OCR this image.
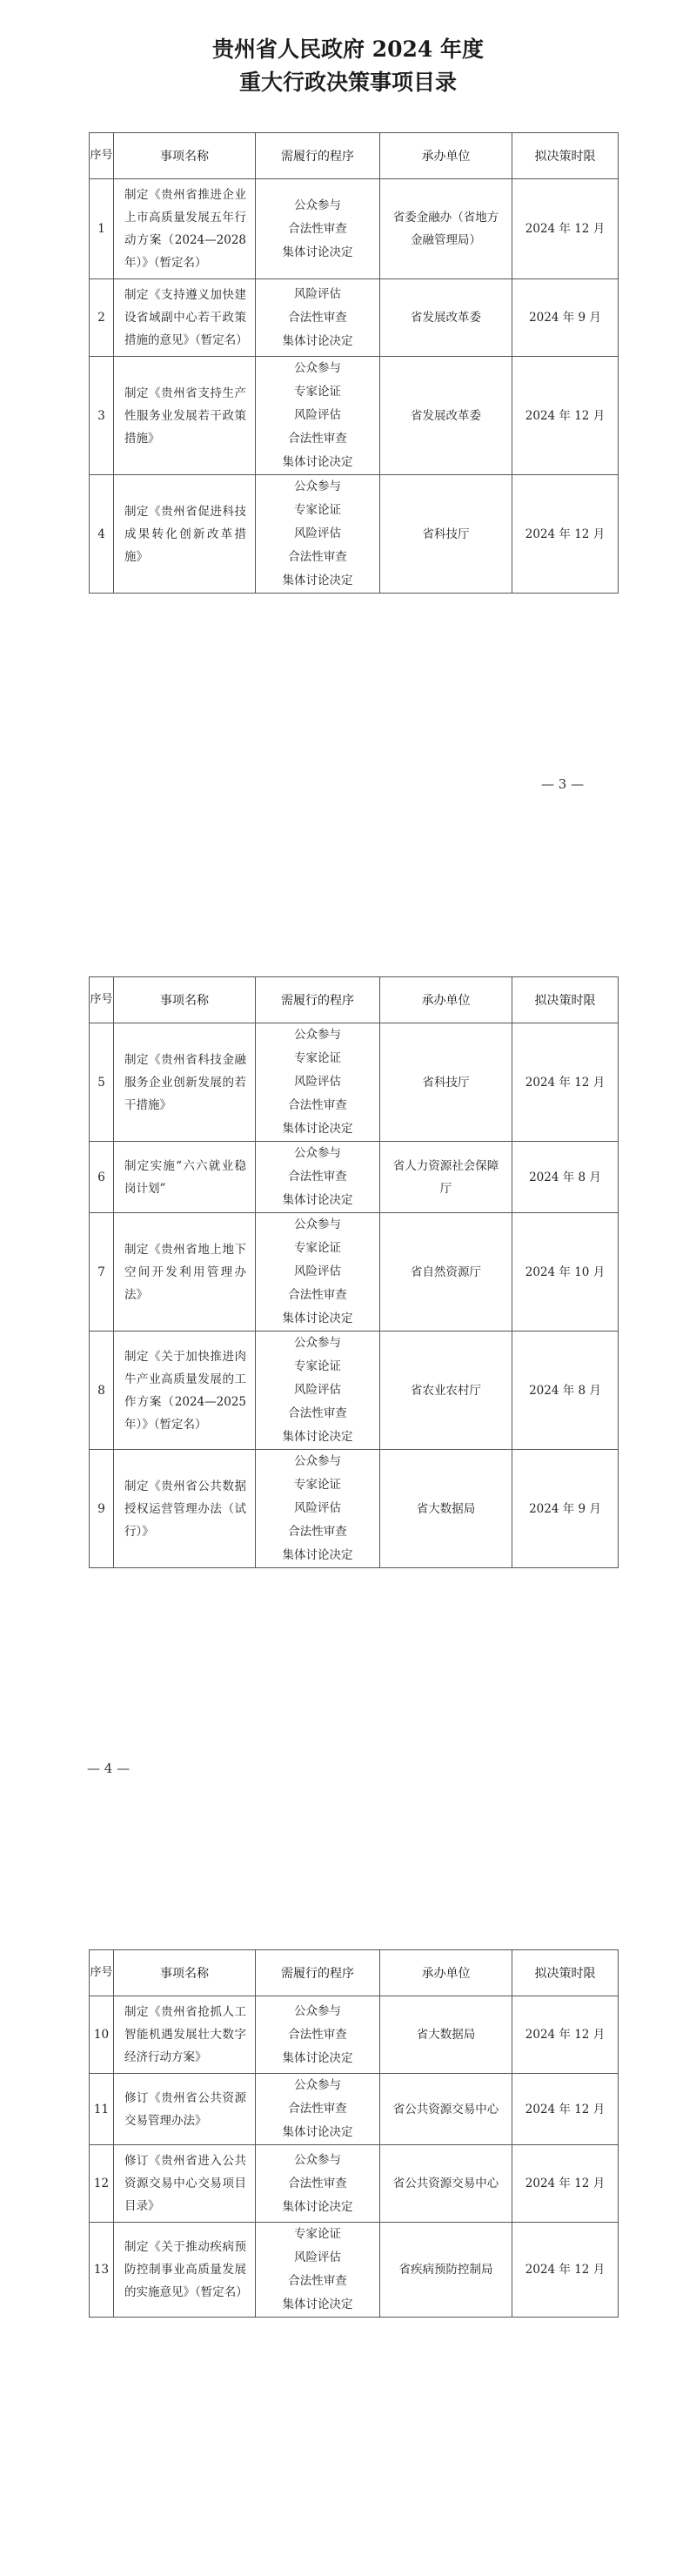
贵州省人民政府 2024 年度
重大行政决策事项目录
序号	事项名称	需履行的程序	承办单位	拟决策时限
1	制定《贵州省推进企业上市高质量发展五年行动方案（2024—2028年）》（暂定名）	公众参与
合法性审查
集体讨论决定	省委金融办（省地方金融管理局）	2024 年 12 月
2	制定《支持遵义加快建设省域副中心若干政策措施的意见》（暂定名）	风险评估
合法性审查
集体讨论决定	省发展改革委	2024 年 9 月
3	制定《贵州省支持生产性服务业发展若干政策措施》	公众参与
专家论证
风险评估
合法性审查
集体讨论决定	省发展改革委	2024 年 12 月
4	制定《贵州省促进科技成果转化创新改革措施》	公众参与
专家论证
风险评估
合法性审查
集体讨论决定	省科技厅	2024 年 12 月
— 3 —
序号	事项名称	需履行的程序	承办单位	拟决策时限
5	制定《贵州省科技金融服务企业创新发展的若干措施》	公众参与
专家论证
风险评估
合法性审查
集体讨论决定	省科技厅	2024 年 12 月
6	制定实施“六六就业稳岗计划”	公众参与
合法性审查
集体讨论决定	省人力资源社会保障厅	2024 年 8 月
7	制定《贵州省地上地下空间开发利用管理办法》	公众参与
专家论证
风险评估
合法性审查
集体讨论决定	省自然资源厅	2024 年 10 月
8	制定《关于加快推进肉牛产业高质量发展的工作方案（2024—2025年）》（暂定名）	公众参与
专家论证
风险评估
合法性审查
集体讨论决定	省农业农村厅	2024 年 8 月
9	制定《贵州省公共数据授权运营管理办法（试行）》	公众参与
专家论证
风险评估
合法性审查
集体讨论决定	省大数据局	2024 年 9 月
— 4 —
序号	事项名称	需履行的程序	承办单位	拟决策时限
10	制定《贵州省抢抓人工智能机遇发展壮大数字经济行动方案》	公众参与
合法性审查
集体讨论决定	省大数据局	2024 年 12 月
11	修订《贵州省公共资源交易管理办法》	公众参与
合法性审查
集体讨论决定	省公共资源交易中心	2024 年 12 月
12	修订《贵州省进入公共资源交易中心交易项目目录》	公众参与
合法性审查
集体讨论决定	省公共资源交易中心	2024 年 12 月
13	制定《关于推动疾病预防控制事业高质量发展的实施意见》（暂定名）	专家论证
风险评估
合法性审查
集体讨论决定	省疾病预防控制局	2024 年 12 月
